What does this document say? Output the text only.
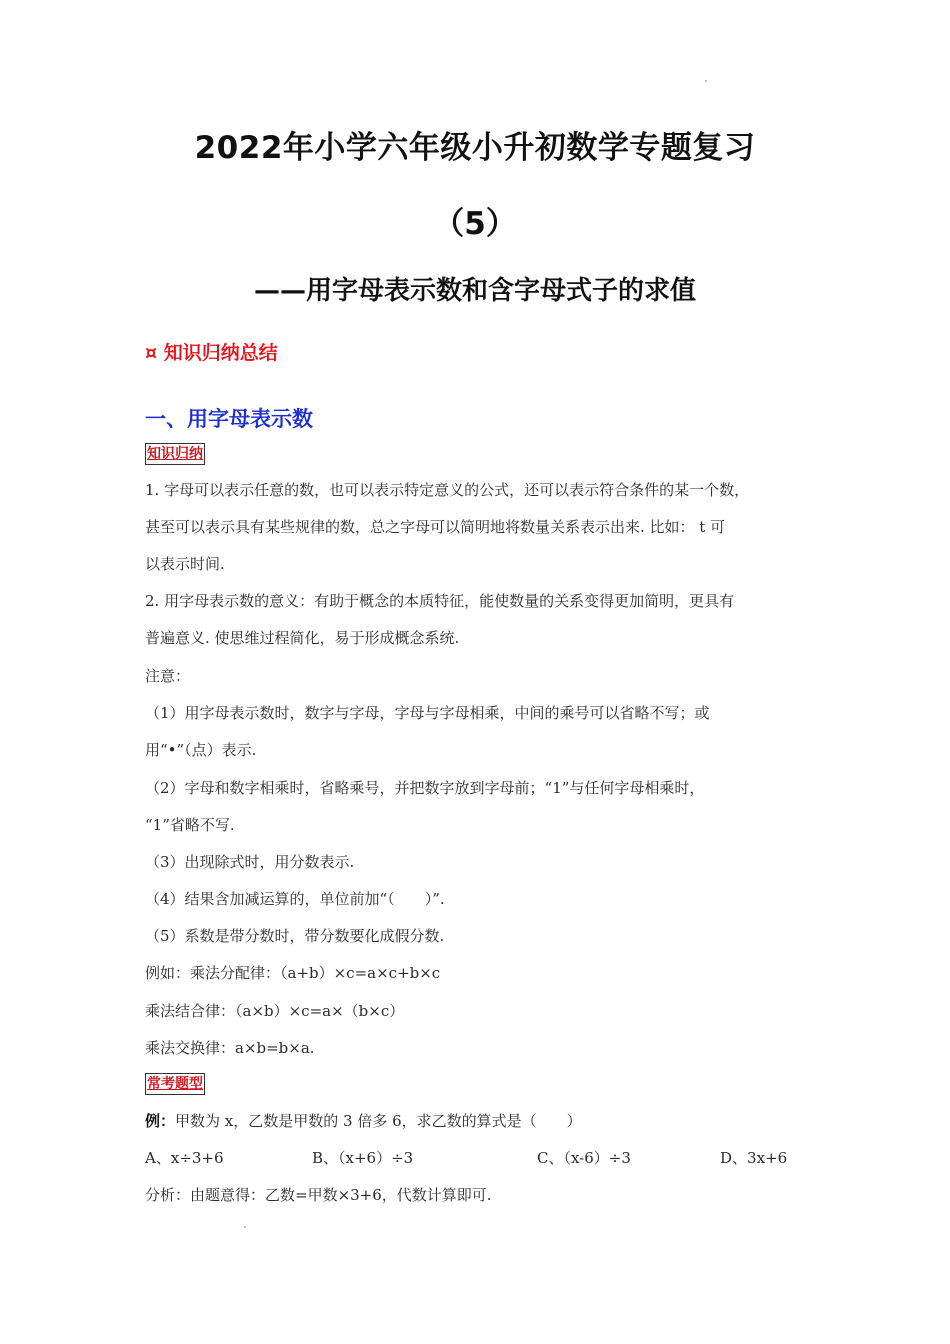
2022年小学六年级小升初数学专题复习
（5）
——用字母表示数和含字母式子的求值
¤ 知识归纳总结
一、用字母表示数
知识归纳
1. 字母可以表示任意的数，也可以表示特定意义的公式，还可以表示符合条件的某一个数，
甚至可以表示具有某些规律的数，总之字母可以简明地将数量关系表示出来. 比如： t 可
以表示时间.
2. 用字母表示数的意义：有助于概念的本质特征，能使数量的关系变得更加简明，更具有
普遍意义. 使思维过程简化，易于形成概念系统.
注意：
（1）用字母表示数时，数字与字母，字母与字母相乘，中间的乘号可以省略不写；或
用“•”（点）表示.
（2）字母和数字相乘时，省略乘号，并把数字放到字母前；“1”与任何字母相乘时，
“1”省略不写.
（3）出现除式时，用分数表示.
（4）结果含加减运算的，单位前加“（　　）”.
（5）系数是带分数时，带分数要化成假分数.
例如：乘法分配律：（a+b）×c=a×c+b×c
乘法结合律：（a×b）×c=a×（b×c）
乘法交换律：a×b=b×a.
常考题型
例：甲数为 x，乙数是甲数的 3 倍多 6，求乙数的算式是（　　）
A、x÷3+6	B、（x+6）÷3	C、（x-6）÷3	D、3x+6
分析：由题意得：乙数=甲数×3+6，代数计算即可.
